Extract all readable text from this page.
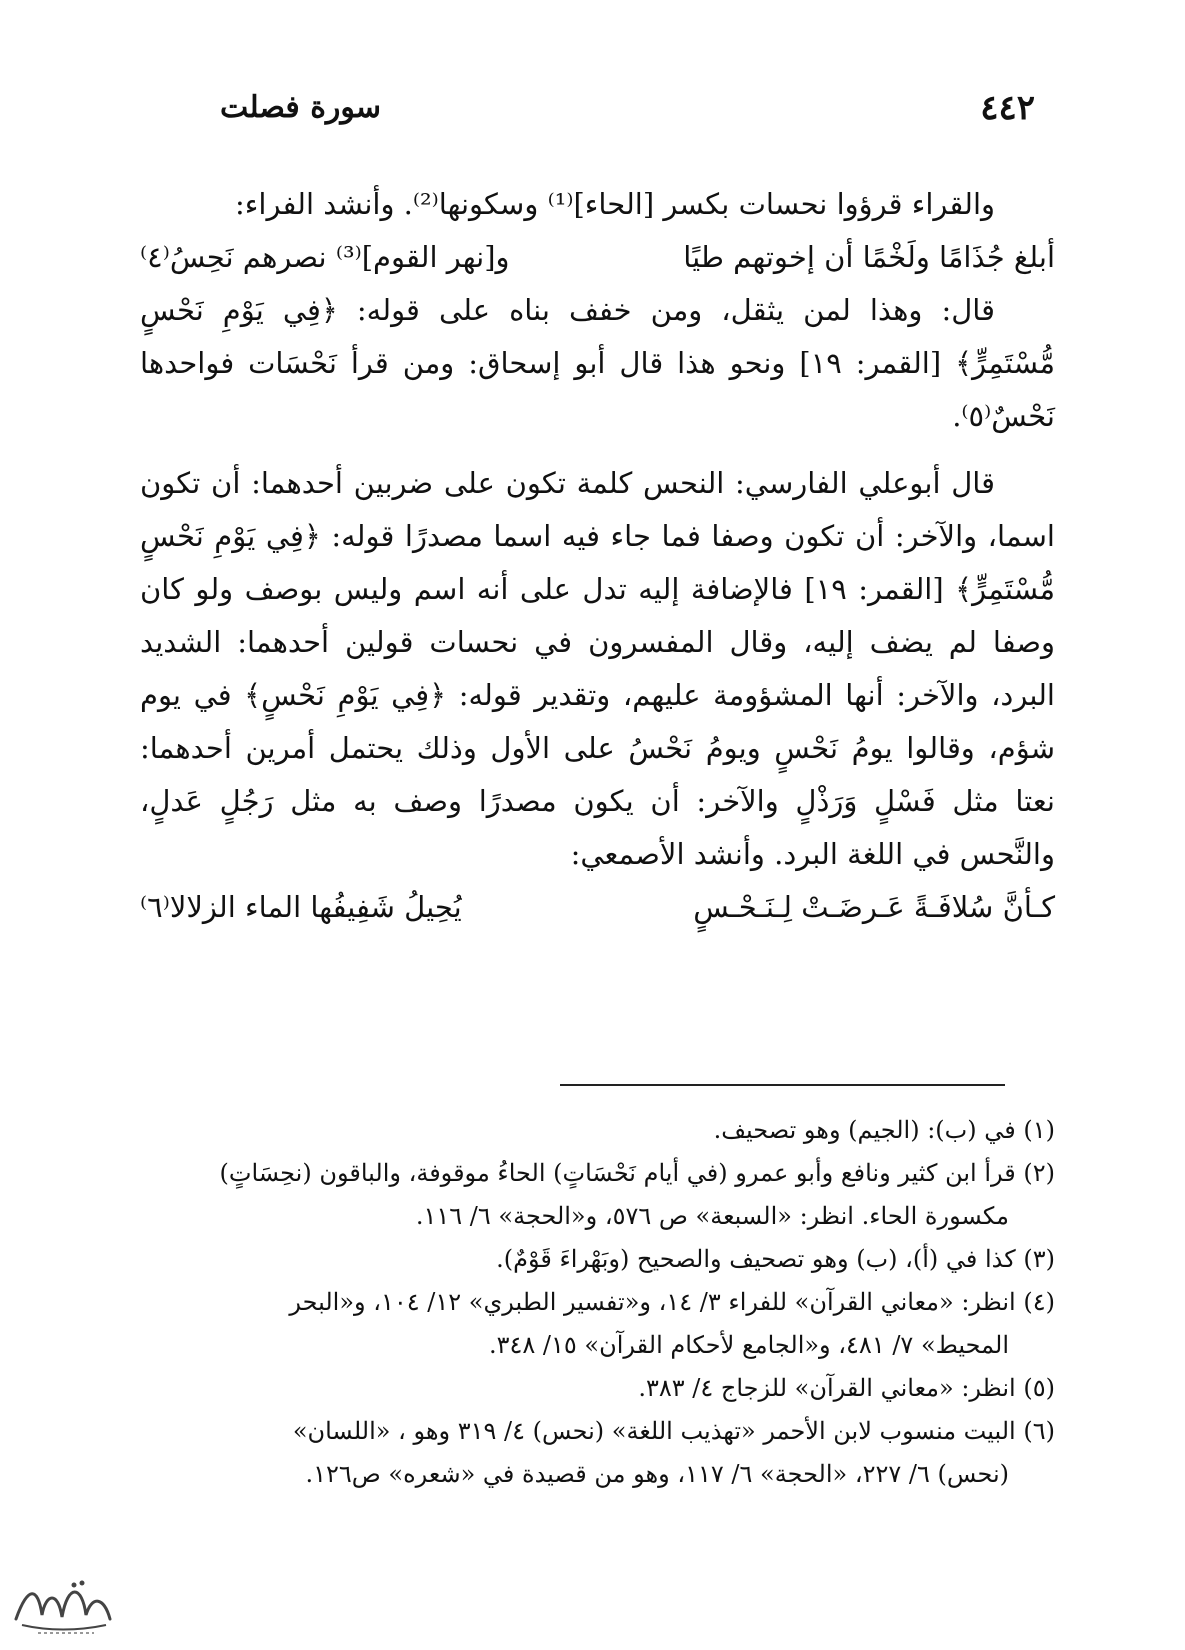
٤٤٢
سورة فصلت

والقراء قرؤوا نحسات بكسر [الحاء]⁽¹⁾ وسكونها⁽²⁾. وأنشد الفراء:

أبلغ جُذَامًا ولَخْمًا أن إخوتهم طيًا
و[نهر القوم]⁽³⁾ نصرهم نَحِسُ⁽٤⁾

قال: وهذا لمن يثقل، ومن خفف بناه على قوله: ﴿فِي يَوْمِ نَحْسٍ مُّسْتَمِرٍّ﴾ [القمر: ١٩] ونحو هذا قال أبو إسحاق: ومن قرأ نَحْسَات فواحدها نَحْسٌ⁽٥⁾.

قال أبوعلي الفارسي: النحس كلمة تكون على ضربين أحدهما: أن تكون اسما، والآخر: أن تكون وصفا فما جاء فيه اسما مصدرًا قوله: ﴿فِي يَوْمِ نَحْسٍ مُّسْتَمِرٍّ﴾ [القمر: ١٩] فالإضافة إليه تدل على أنه اسم وليس بوصف ولو كان وصفا لم يضف إليه، وقال المفسرون في نحسات قولين أحدهما: الشديد البرد، والآخر: أنها المشؤومة عليهم، وتقدير قوله: ﴿فِي يَوْمِ نَحْسٍ﴾ في يوم شؤم، وقالوا يومُ نَحْسٍ ويومُ نَحْسُ على الأول وذلك يحتمل أمرين أحدهما: نعتا مثل فَسْلٍ وَرَذْلٍ والآخر: أن يكون مصدرًا وصف به مثل رَجُلٍ عَدلٍ، والنَّحس في اللغة البرد. وأنشد الأصمعي:

كـأنَّ سُلافَـةً عَـرضَـتْ لِـنَـحْـسٍ
يُحِيلُ شَفِيفُها الماء الزلالا⁽٦⁾

(١) في (ب): (الجيم) وهو تصحيف.

(٢) قرأ ابن كثير ونافع وأبو عمرو (في أيام نَحْسَاتٍ) الحاءُ موقوفة، والباقون (نحِسَاتٍ)

مكسورة الحاء. انظر: «السبعة» ص ٥٧٦، و«الحجة» ٦/ ١١٦.

(٣) كذا في (أ)، (ب) وهو تصحيف والصحيح (وبَهْراءَ قَوْمٌ).

(٤) انظر: «معاني القرآن» للفراء ٣/ ١٤، و«تفسير الطبري» ١٢/ ١٠٤، و«البحر

المحيط» ٧/ ٤٨١، و«الجامع لأحكام القرآن» ١٥/ ٣٤٨.

(٥) انظر: «معاني القرآن» للزجاج ٤/ ٣٨٣.

(٦) البيت منسوب لابن الأحمر «تهذيب اللغة» (نحس) ٤/ ٣١٩ وهو ، «اللسان»

(نحس) ٦/ ٢٢٧، «الحجة» ٦/ ١١٧، وهو من قصيدة في «شعره» ص١٢٦.
